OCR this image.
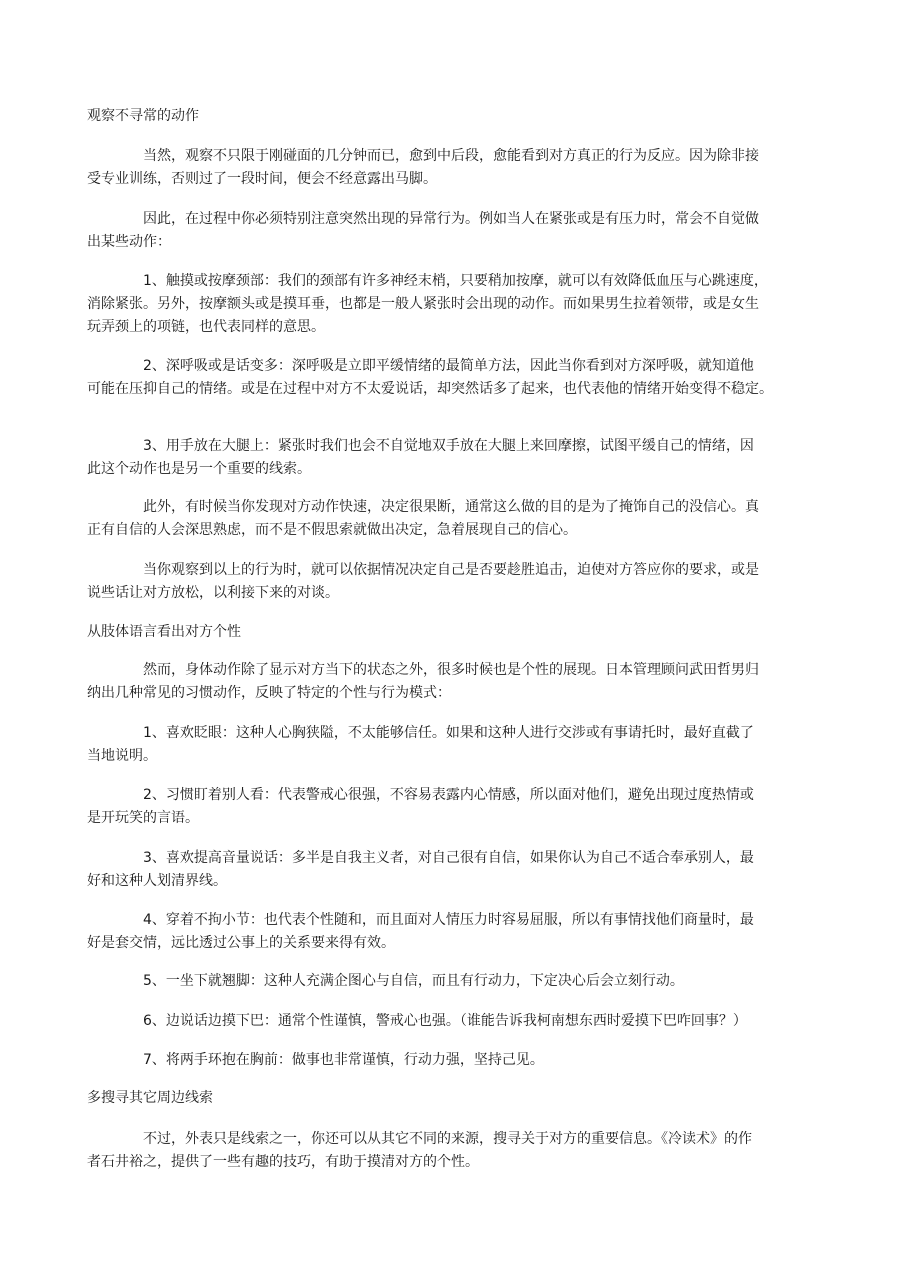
观察不寻常的动作
当然，观察不只限于刚碰面的几分钟而已，愈到中后段，愈能看到对方真正的行为反应。因为除非接
受专业训练，否则过了一段时间，便会不经意露出马脚。
因此，在过程中你必须特别注意突然出现的异常行为。例如当人在紧张或是有压力时，常会不自觉做
出某些动作：
1、触摸或按摩颈部：我们的颈部有许多神经末梢，只要稍加按摩，就可以有效降低血压与心跳速度，
消除紧张。另外，按摩额头或是摸耳垂，也都是一般人紧张时会出现的动作。而如果男生拉着领带，或是女生
玩弄颈上的项链，也代表同样的意思。
2、深呼吸或是话变多：深呼吸是立即平缓情绪的最简单方法，因此当你看到对方深呼吸，就知道他
可能在压抑自己的情绪。或是在过程中对方不太爱说话，却突然话多了起来，也代表他的情绪开始变得不稳定。
3、用手放在大腿上：紧张时我们也会不自觉地双手放在大腿上来回摩擦，试图平缓自己的情绪，因
此这个动作也是另一个重要的线索。
此外，有时候当你发现对方动作快速，决定很果断，通常这么做的目的是为了掩饰自己的没信心。真
正有自信的人会深思熟虑，而不是不假思索就做出决定，急着展现自己的信心。
当你观察到以上的行为时，就可以依据情况决定自己是否要趁胜追击，迫使对方答应你的要求，或是
说些话让对方放松，以利接下来的对谈。
从肢体语言看出对方个性
然而，身体动作除了显示对方当下的状态之外，很多时候也是个性的展现。日本管理顾问武田哲男归
纳出几种常见的习惯动作，反映了特定的个性与行为模式：
1、喜欢眨眼：这种人心胸狭隘，不太能够信任。如果和这种人进行交涉或有事请托时，最好直截了
当地说明。
2、习惯盯着别人看：代表警戒心很强，不容易表露内心情感，所以面对他们，避免出现过度热情或
是开玩笑的言语。
3、喜欢提高音量说话：多半是自我主义者，对自己很有自信，如果你认为自己不适合奉承别人，最
好和这种人划清界线。
4、穿着不拘小节：也代表个性随和，而且面对人情压力时容易屈服，所以有事情找他们商量时，最
好是套交情，远比透过公事上的关系要来得有效。
5、一坐下就翘脚：这种人充满企图心与自信，而且有行动力，下定决心后会立刻行动。
6、边说话边摸下巴：通常个性谨慎，警戒心也强。（谁能告诉我柯南想东西时爱摸下巴咋回事？）
7、将两手环抱在胸前：做事也非常谨慎，行动力强，坚持己见。
多搜寻其它周边线索
不过，外表只是线索之一，你还可以从其它不同的来源，搜寻关于对方的重要信息。《冷读术》的作
者石井裕之，提供了一些有趣的技巧，有助于摸清对方的个性。
